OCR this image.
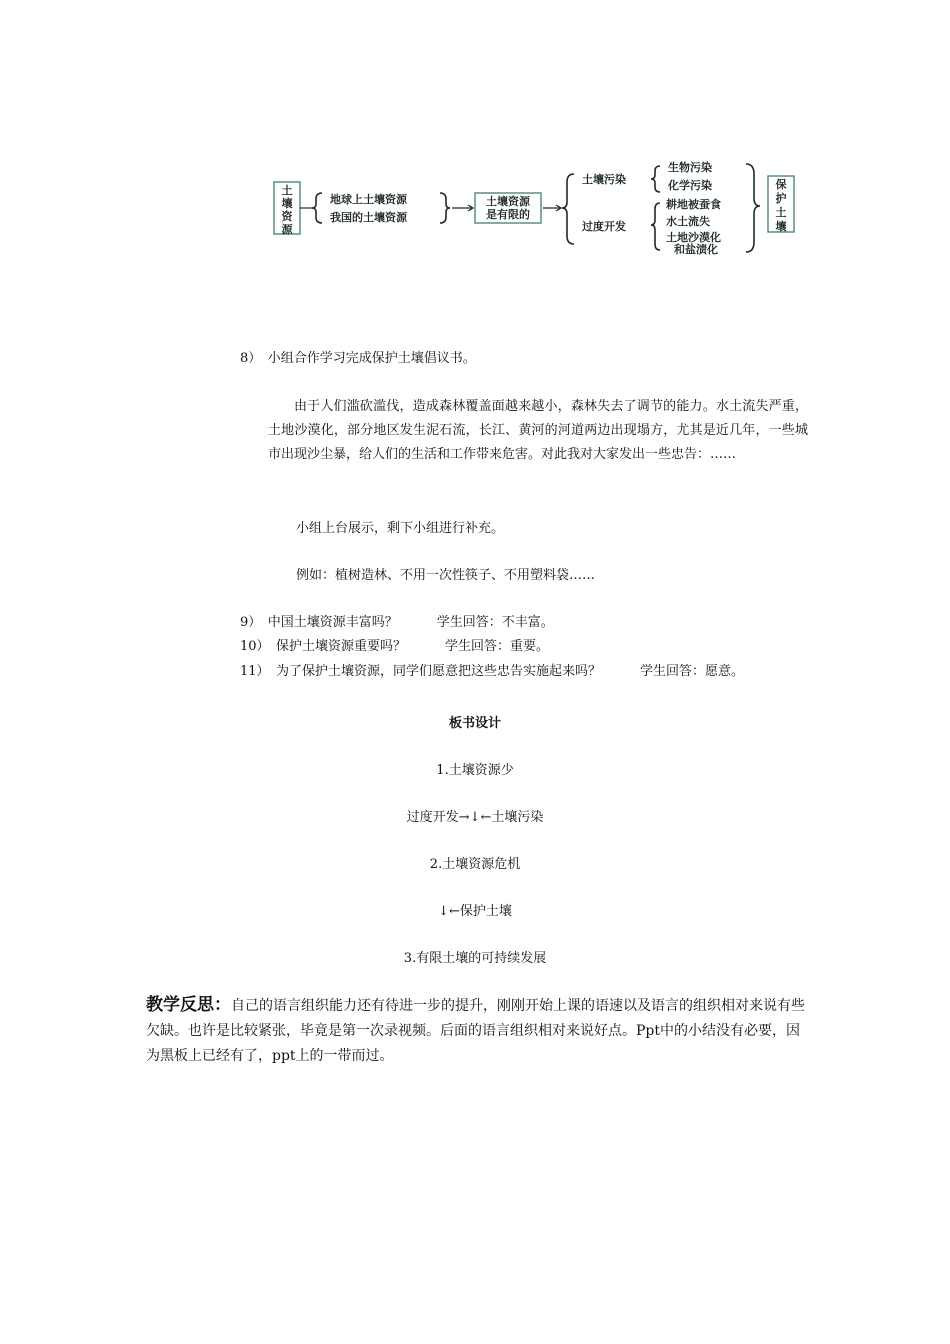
土
壤
资
源
地球上土壤资源
我国的土壤资源
土壤资源
是有限的
土壤污染
生物污染
化学污染
过度开发
耕地被蚕食
水土流失
土地沙漠化
和盐渍化
保
护
土
壤
8）　小组合作学习完成保护土壤倡议书。
由于人们滥砍滥伐，造成森林覆盖面越来越小，森林失去了调节的能力。水土流失严重，土地沙漠化，部分地区发生泥石流，长江、黄河的河道两边出现塌方，尤其是近几年，一些城市出现沙尘暴，给人们的生活和工作带来危害。对此我对大家发出一些忠告：……
小组上台展示，剩下小组进行补充。
例如：植树造林、不用一次性筷子、不用塑料袋……
9）　中国土壤资源丰富吗？　　　学生回答：不丰富。
10）　保护土壤资源重要吗？　　　学生回答：重要。
11）　为了保护土壤资源，同学们愿意把这些忠告实施起来吗？　　　学生回答：愿意。
板书设计
1.土壤资源少
过度开发→↓←土壤污染
2.土壤资源危机
↓←保护土壤
3.有限土壤的可持续发展
教学反思：自己的语言组织能力还有待进一步的提升，刚刚开始上课的语速以及语言的组织相对来说有些欠缺。也许是比较紧张，毕竟是第一次录视频。后面的语言组织相对来说好点。Ppt中的小结没有必要，因为黑板上已经有了，ppt上的一带而过。
